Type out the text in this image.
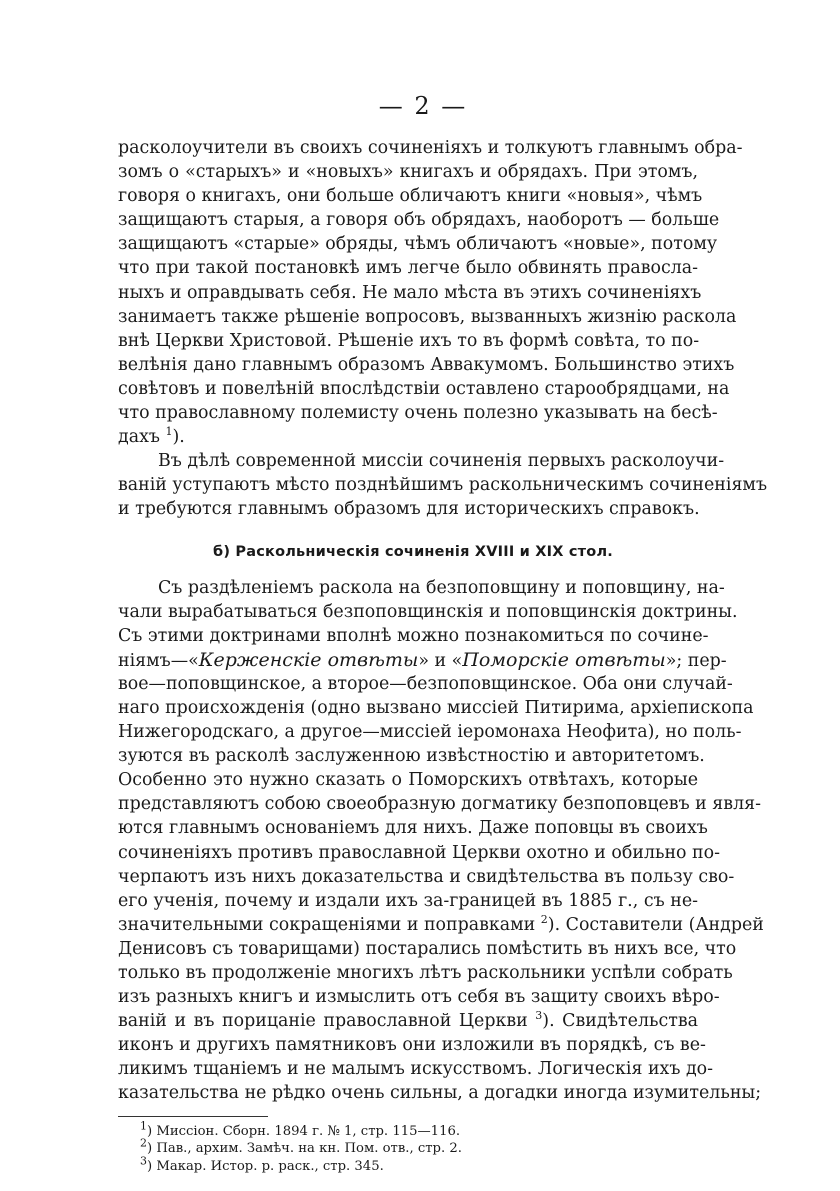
— 2 —
расколоучители въ своихъ сочиненіяхъ и толкуютъ главнымъ обра-
зомъ о «старыхъ» и «новыхъ» книгахъ и обрядахъ. При этомъ,
говоря о книгахъ, они больше обличаютъ книги «новыя», чѣмъ
защищаютъ старыя, а говоря объ обрядахъ, наоборотъ — больше
защищаютъ «старые» обряды, чѣмъ обличаютъ «новые», потому
что при такой постановкѣ имъ легче было обвинять правосла-
ныхъ и оправдывать себя. Не мало мѣста въ этихъ сочиненіяхъ
занимаетъ также рѣшеніе вопросовъ, вызванныхъ жизнію раскола
внѣ Церкви Христовой. Рѣшеніе ихъ то въ формѣ совѣта, то по-
велѣнія дано главнымъ образомъ Аввакумомъ. Большинство этихъ
совѣтовъ и повелѣній впослѣдствіи оставлено старообрядцами, на
что православному полемисту очень полезно указывать на бесѣ-
дахъ $^1$).
Въ дѣлѣ современной миссіи сочиненія первыхъ расколоучи-
ваній уступаютъ мѣсто позднѣйшимъ раскольническимъ сочиненіямъ
и требуются главнымъ образомъ для историческихъ справокъ.
б) Раскольническія сочиненія XVIII и XIX стол.
Съ раздѣленіемъ раскола на безпоповщину и поповщину, на-
чали вырабатываться безпоповщинскія и поповщинскія доктрины.
Съ этими доктринами вполнѣ можно познакомиться по сочине-
ніямъ—«Керженскіе отвѣты» и «Поморскіе отвѣты»; пер-
вое—поповщинское, а второе—безпоповщинское. Оба они случай-
наго происхожденія (одно вызвано миссіей Питирима, архіепископа
Нижегородскаго, а другое—миссіей іеромонаха Неофита), но поль-
зуются въ расколѣ заслуженною извѣстностію и авторитетомъ.
Особенно это нужно сказать о Поморскихъ отвѣтахъ, которые
представляютъ собою своеобразную догматику безпоповцевъ и явля-
ются главнымъ основаніемъ для нихъ. Даже поповцы въ своихъ
сочиненіяхъ противъ православной Церкви охотно и обильно по-
черпаютъ изъ нихъ доказательства и свидѣтельства въ пользу сво-
его ученія, почему и издали ихъ за-границей въ 1885 г., съ не-
значительными сокращеніями и поправками $^2$). Составители (Андрей
Денисовъ съ товарищами) постарались помѣстить въ нихъ все, что
только въ продолженіе многихъ лѣтъ раскольники успѣли собрать
изъ разныхъ книгъ и измыслить отъ себя въ защиту своихъ вѣро-
ваній и въ порицаніе православной Церкви $^3$). Свидѣтельства
иконъ и другихъ памятниковъ они изложили въ порядкѣ, съ ве-
ликимъ тщаніемъ и не малымъ искусствомъ. Логическія ихъ до-
казательства не рѣдко очень сильны, а догадки иногда изумительны;
$^1$) Миссіон. Сборн. 1894 г. № 1, стр. 115—116.
$^2$) Пав., архим. Замѣч. на кн. Пом. отв., стр. 2.
$^3$) Макар. Истор. р. раск., стр. 345.
